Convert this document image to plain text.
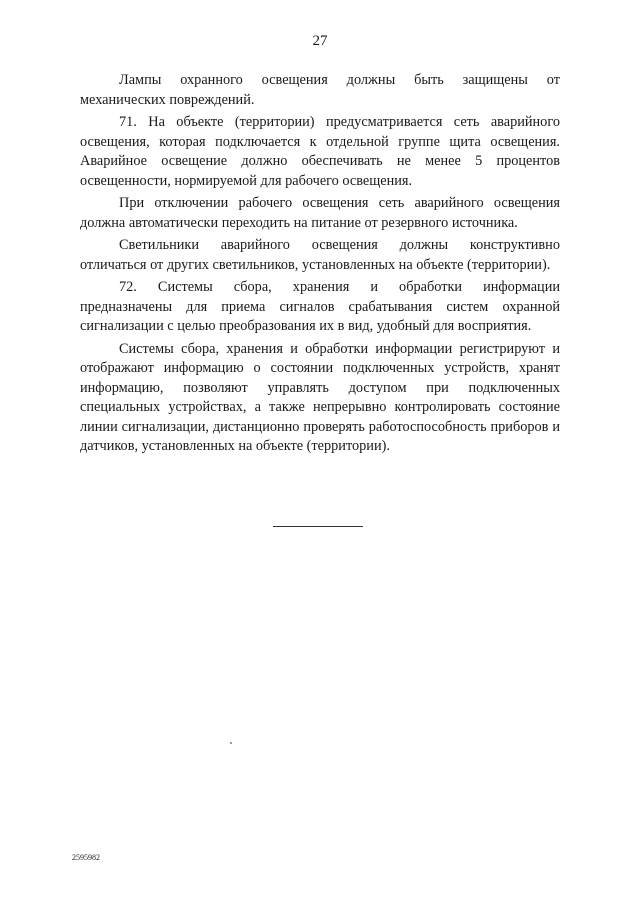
27

Лампы охранного освещения должны быть защищены от
механических повреждений.

71. На объекте (территории) предусматривается сеть аварийного
освещения, которая подключается к отдельной группе щита освещения. Аварийное освещение должно обеспечивать не менее 5 процентов освещенности, нормируемой для рабочего освещения.

При отключении рабочего освещения сеть аварийного освещения
должна автоматически переходить на питание от резервного источника.

Светильники аварийного освещения должны конструктивно
отличаться от других светильников, установленных на объекте (территории).

72. Системы сбора, хранения и обработки информации
предназначены для приема сигналов срабатывания систем охранной сигнализации с целью преобразования их в вид, удобный для восприятия.

Системы сбора, хранения и обработки информации регистрируют и
отображают информацию о состоянии подключенных устройств, хранят информацию, позволяют управлять доступом при подключенных специальных устройствах, а также непрерывно контролировать состояние линии сигнализации, дистанционно проверять работоспособность приборов и датчиков, установленных на объекте (территории).

2595982
